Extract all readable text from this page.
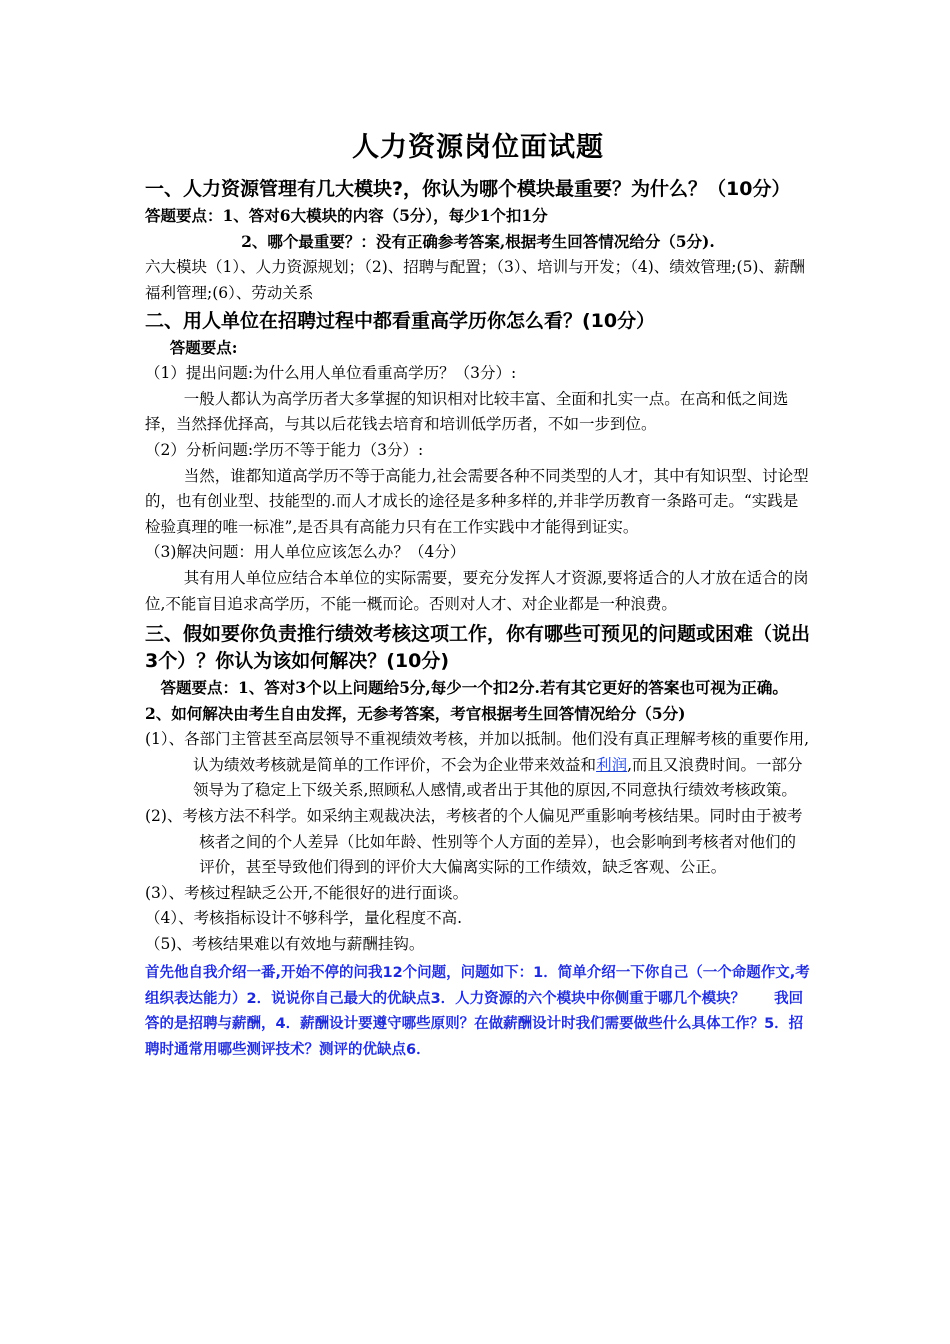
人力资源岗位面试题
一、人力资源管理有几大模块?，你认为哪个模块最重要？为什么？（10分）
答题要点：1、答对6大模块的内容（5分），每少1个扣1分
2、哪个最重要？：没有正确参考答案,根据考生回答情况给分（5分).
六大模块（1）、人力资源规划；（2)、招聘与配置；（3）、培训与开发；（4)、绩效管理;(5)、薪酬福利管理;(6）、劳动关系
二、用人单位在招聘过程中都看重高学历你怎么看？(10分）
答题要点:
（1）提出问题:为什么用人单位看重高学历？（3分）:
一般人都认为高学历者大多掌握的知识相对比较丰富、全面和扎实一点。在高和低之间选择，当然择优择高，与其以后花钱去培育和培训低学历者，不如一步到位。
（2）分析问题:学历不等于能力（3分）:
当然，谁都知道高学历不等于高能力,社会需要各种不同类型的人才，其中有知识型、讨论型的，也有创业型、技能型的.而人才成长的途径是多种多样的,并非学历教育一条路可走。“实践是检验真理的唯一标准”,是否具有高能力只有在工作实践中才能得到证实。
（3)解决问题：用人单位应该怎么办？（4分）
其有用人单位应结合本单位的实际需要，要充分发挥人才资源,要将适合的人才放在适合的岗位,不能盲目追求高学历，不能一概而论。否则对人才、对企业都是一种浪费。
三、假如要你负责推行绩效考核这项工作，你有哪些可预见的问题或困难（说出3个）？你认为该如何解决？(10分)
答题要点：1、答对3个以上问题给5分,每少一个扣2分.若有其它更好的答案也可视为正确。2、如何解决由考生自由发挥，无参考答案，考官根据考生回答情况给分（5分)
(1）、各部门主管甚至高层领导不重视绩效考核，并加以抵制。他们没有真正理解考核的重要作用,认为绩效考核就是简单的工作评价，不会为企业带来效益和利润,而且又浪费时间。一部分领导为了稳定上下级关系,照顾私人感情,或者出于其他的原因,不同意执行绩效考核政策。
(2)、考核方法不科学。如采纳主观裁决法，考核者的个人偏见严重影响考核结果。同时由于被考核者之间的个人差异（比如年龄、性别等个人方面的差异），也会影响到考核者对他们的评价，甚至导致他们得到的评价大大偏离实际的工作绩效，缺乏客观、公正。
(3）、考核过程缺乏公开,不能很好的进行面谈。
（4）、考核指标设计不够科学，量化程度不高.
（5)、考核结果难以有效地与薪酬挂钩。
首先他自我介绍一番,开始不停的问我12个问题，问题如下：1．简单介绍一下你自己（一个命题作文,考组织表达能力）2．说说你自己最大的优缺点3．人力资源的六个模块中你侧重于哪几个模块？　　我回答的是招聘与薪酬，4．薪酬设计要遵守哪些原则？在做薪酬设计时我们需要做些什么具体工作？5．招聘时通常用哪些测评技术？测评的优缺点6．
